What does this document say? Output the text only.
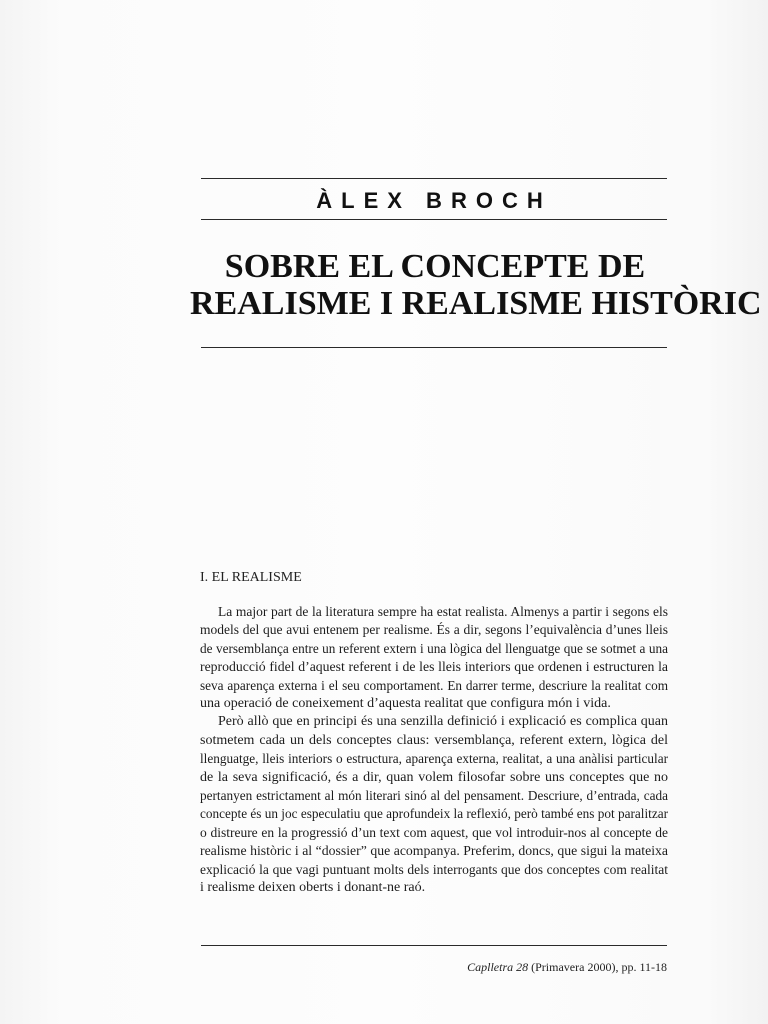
ÀLEX BROCH
SOBRE EL CONCEPTE DE
REALISME I REALISME HISTÒRIC
I. EL REALISME
La major part de la literatura sempre ha estat realista. Almenys a partir i segons els
models del que avui entenem per realisme. És a dir, segons l’equivalència d’unes lleis
de versemblança entre un referent extern i una lògica del llenguatge que se sotmet a una
reproducció fidel d’aquest referent i de les lleis interiors que ordenen i estructuren la
seva aparença externa i el seu comportament. En darrer terme, descriure la realitat com
una operació de coneixement d’aquesta realitat que configura món i vida.
Però allò que en principi és una senzilla definició i explicació es complica quan
sotmetem cada un dels conceptes claus: versemblança, referent extern, lògica del
llenguatge, lleis interiors o estructura, aparença externa, realitat, a una anàlisi particular
de la seva significació, és a dir, quan volem filosofar sobre uns conceptes que no
pertanyen estrictament al món literari sinó al del pensament. Descriure, d’entrada, cada
concepte és un joc especulatiu que aprofundeix la reflexió, però també ens pot paralitzar
o distreure en la progressió d’un text com aquest, que vol introduir-nos al concepte de
realisme històric i al “dossier” que acompanya. Preferim, doncs, que sigui la mateixa
explicació la que vagi puntuant molts dels interrogants que dos conceptes com realitat
i realisme deixen oberts i donant-ne raó.
Caplletra 28 (Primavera 2000), pp. 11-18
